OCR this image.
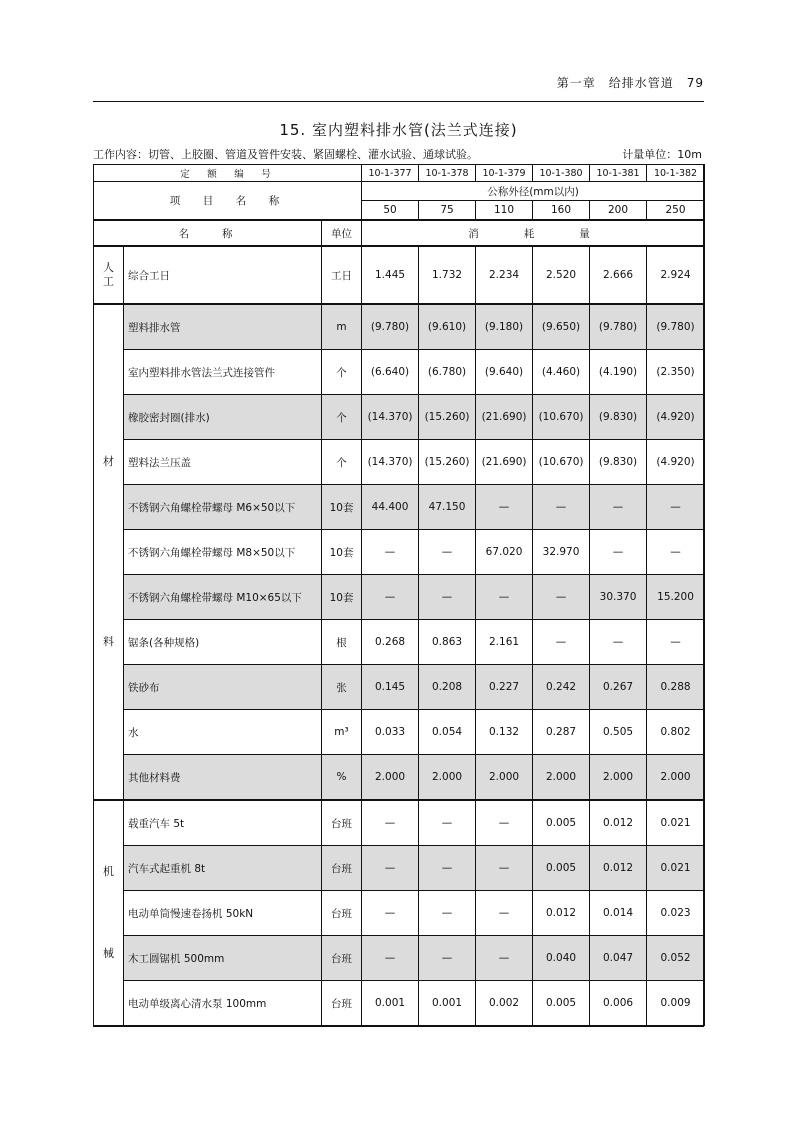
第一章　给排水管道　79
15. 室内塑料排水管(法兰式连接)
工作内容：切管、上胶圈、管道及管件安装、紧固螺栓、灌水试验、通球试验。	计量单位：10m
定　额　编　号			10-1-377	10-1-378	10-1-379	10-1-380	10-1-381	10-1-382
项　目　名　称			公称外径(mm以内)					
			50	75	110	160	200	250
名　　称		单位	消　　耗　　量					
人工	综合工日	工日	1.445	1.732	2.234	2.520	2.666	2.924
材料	塑料排水管	m	(9.780)	(9.610)	(9.180)	(9.650)	(9.780)	(9.780)
	室内塑料排水管法兰式连接管件	个	(6.640)	(6.780)	(9.640)	(4.460)	(4.190)	(2.350)
	橡胶密封圈(排水)	个	(14.370)	(15.260)	(21.690)	(10.670)	(9.830)	(4.920)
	塑料法兰压盖	个	(14.370)	(15.260)	(21.690)	(10.670)	(9.830)	(4.920)
	不锈钢六角螺栓带螺母 M6×50以下	10套	44.400	47.150	—	—	—	—
	不锈钢六角螺栓带螺母 M8×50以下	10套	—	—	67.020	32.970	—	—
	不锈钢六角螺栓带螺母 M10×65以下	10套	—	—	—	—	30.370	15.200
	锯条(各种规格)	根	0.268	0.863	2.161	—	—	—
	铁砂布	张	0.145	0.208	0.227	0.242	0.267	0.288
	水	m³	0.033	0.054	0.132	0.287	0.505	0.802
	其他材料费	%	2.000	2.000	2.000	2.000	2.000	2.000
机械	载重汽车 5t	台班	—	—	—	0.005	0.012	0.021
	汽车式起重机 8t	台班	—	—	—	0.005	0.012	0.021
	电动单筒慢速卷扬机 50kN	台班	—	—	—	0.012	0.014	0.023
	木工圆锯机 500mm	台班	—	—	—	0.040	0.047	0.052
	电动单级离心清水泵 100mm	台班	0.001	0.001	0.002	0.005	0.006	0.009
